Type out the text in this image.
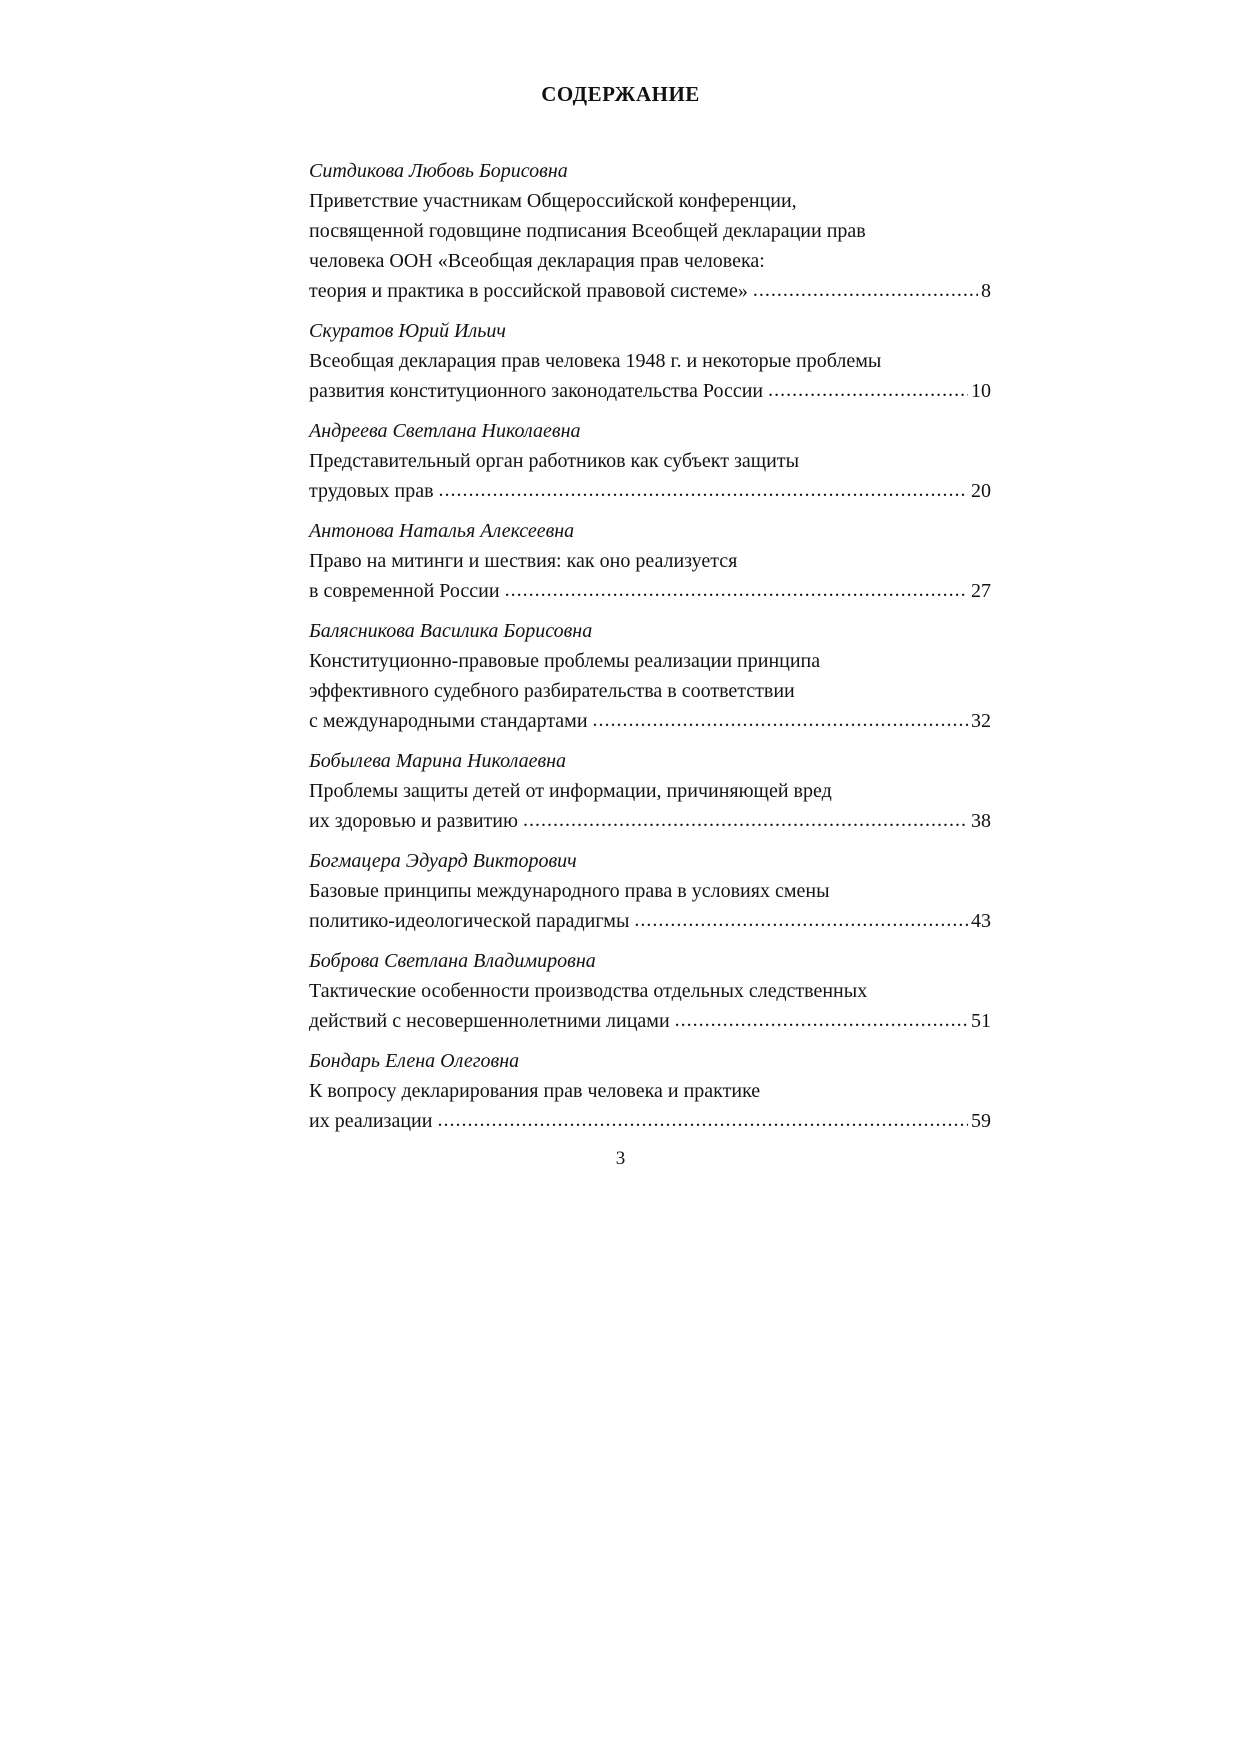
СОДЕРЖАНИЕ
Ситдикова Любовь Борисовна
Приветствие участникам Общероссийской конференции,
посвященной годовщине подписания Всеобщей декларации прав
человека ООН «Всеобщая декларация прав человека:
теория и практика в российской правовой системе» .....	8
Скуратов Юрий Ильич
Всеобщая декларация прав человека 1948 г. и некоторые проблемы
развития конституционного законодательства России .....	10
Андреева Светлана Николаевна
Представительный орган работников как субъект защиты
трудовых прав .....	20
Антонова Наталья Алексеевна
Право на митинги и шествия: как оно реализуется
в современной России .....	27
Балясникова Василика Борисовна
Конституционно-правовые проблемы реализации принципа
эффективного судебного разбирательства в соответствии
с международными стандартами .....	32
Бобылева Марина Николаевна
Проблемы защиты детей от информации, причиняющей вред
их здоровью и развитию .....	38
Богмацера Эдуард Викторович
Базовые принципы международного права в условиях смены
политико-идеологической парадигмы .....	43
Боброва Светлана Владимировна
Тактические особенности производства отдельных следственных
действий с несовершеннолетними лицами .....	51
Бондарь Елена Олеговна
К вопросу декларирования прав человека и практике
их реализации .....	59
3
